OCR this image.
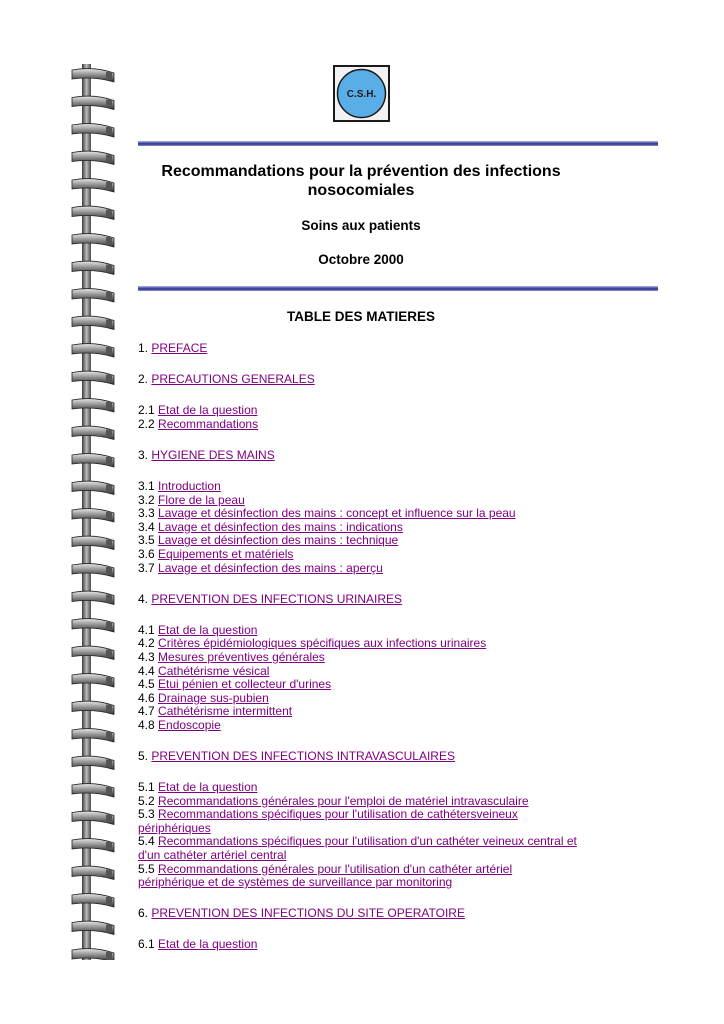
C.S.H.
Recommandations pour la prévention des infections
nosocomiales
Soins aux patients
Octobre 2000
TABLE DES MATIERES
1. PREFACE
2. PRECAUTIONS GENERALES
2.1 Etat de la question
2.2 Recommandations
3. HYGIENE DES MAINS
3.1 Introduction
3.2 Flore de la peau
3.3 Lavage et désinfection des mains : concept et influence sur la peau
3.4 Lavage et désinfection des mains : indications
3.5 Lavage et désinfection des mains : technique
3.6 Equipements et matériels
3.7 Lavage et désinfection des mains : aperçu
4. PREVENTION DES INFECTIONS URINAIRES
4.1 Etat de la question
4.2 Critères épidémiologiques spécifiques aux infections urinaires
4.3 Mesures préventives générales
4.4 Cathétérisme vésical
4.5 Etui pénien et collecteur d'urines
4.6 Drainage sus-pubien
4.7 Cathétérisme intermittent
4.8 Endoscopie
5. PREVENTION DES INFECTIONS INTRAVASCULAIRES
5.1 Etat de la question
5.2 Recommandations générales pour l'emploi de matériel intravasculaire
5.3 Recommandations spécifiques pour l'utilisation de cathétersveineux périphériques
5.4 Recommandations spécifiques pour l'utilisation d'un cathéter veineux central et d'un cathéter artériel central
5.5 Recommandations générales pour l'utilisation d'un cathéter artériel périphérique et de systèmes de surveillance par monitoring
6. PREVENTION DES INFECTIONS DU SITE OPERATOIRE
6.1 Etat de la question
